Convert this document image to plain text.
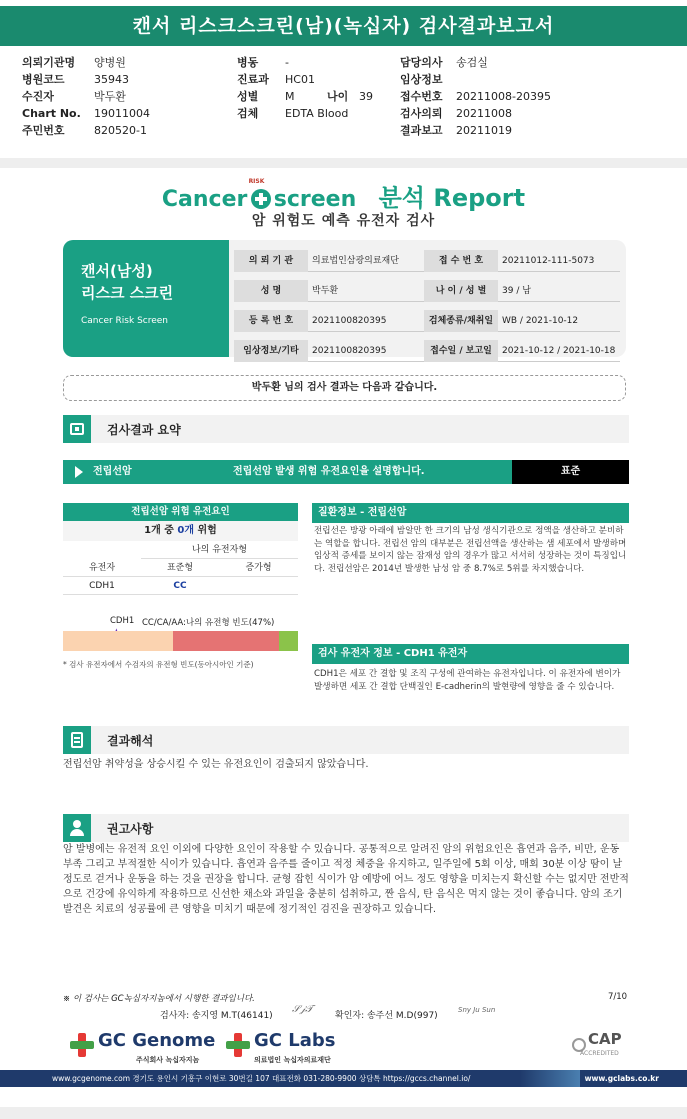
캔서 리스크스크린(남)(녹십자) 검사결과보고서
의뢰기관명 양병원
병원코드	35943
수진자	박두환
Chart No. 19011004
주민번호	820520-1
병동 -
진료과 HC01
성별 M	나이 39
검체 EDTA Blood
담당의사 송검실
임상정보
접수번호 20211008-20395
검사의뢰 20211008
결과보고 20211019
Cancer
RISK
screen 분석 Report
암 위험도 예측 유전자 검사
캔서(남성)
리스크 스크린
Cancer Risk Screen
의 뢰 기 관	의료법인삼광의료재단	접 수 번 호	20211012-111-5073
성 명	박두환	나 이 / 성 별	39 / 남
등 록 번 호	2021100820395	검체종류/채취일 WB / 2021-10-12
임상정보/기타	2021100820395	접수일 / 보고일	2021-10-12 / 2021-10-18
박두환 님의 검사 결과는 다음과 같습니다.
검사결과 요약
전립선암	전립선암 발생 위험 유전요인을 설명합니다.	표준
전립선암 위험 유전요인
1개 중 0개 위험
나의 유전자형
유전자	표준형	증가형
CDH1	CC
CDH1 CC/CA/AA:나의 유전형 빈도(47%)
* 검사 유전자에서 수검자의 유전형 빈도(동아시아인 기준)
질환정보 - 전립선암
전립선은 방광 아래에 밤알만 한 크기의 남성 생식기관으로 정액을 생산하고 분비하는 역할을 합니다. 전립선 암의 대부분은 전립선액을 생산하는 샘 세포에서 발생하며 임상적 증세를 보이지 않는 잠재성 암의 경우가 많고 서서히 성장하는 것이 특징입니다. 전립선암은 2014년 발생한 남성 암 중 8.7%로 5위를 차지했습니다.
검사 유전자 정보 - CDH1 유전자
CDH1은 세포 간 결합 및 조직 구성에 관여하는 유전자입니다. 이 유전자에 변이가 발생하면 세포 간 결합 단백질인 E-cadherin의 발현량에 영향을 줄 수 있습니다.
결과해석
전립선암 취약성을 상승시킬 수 있는 유전요인이 검출되지 않았습니다.
권고사항
암 발병에는 유전적 요인 이외에 다양한 요인이 작용할 수 있습니다. 공통적으로 알려진 암의 위험요인은 흡연과 음주, 비만, 운동 부족 그리고 부적절한 식이가 있습니다. 흡연과 음주를 줄이고 적정 체중을 유지하고, 일주일에 5회 이상, 매회 30분 이상 땀이 날 정도로 걷거나 운동을 하는 것을 권장을 합니다. 균형 잡힌 식이가 암 예방에 어느 정도 영향을 미치는지 확신할 수는 없지만 전반적으로 건강에 유익하게 작용하므로 신선한 채소와 과일을 충분히 섭취하고, 짠 음식, 탄 음식은 먹지 않는 것이 좋습니다. 암의 조기발견은 치료의 성공률에 큰 영향을 미치기 때문에 정기적인 검진을 권장하고 있습니다.
※ 이 검사는 GC녹십자지놈에서 시행한 결과입니다.	7/10
검사자: 송지영 M.T(46141)
𝒮𝒿𝒯
확인자: 송주선 M.D(997)
Sny Ju Sun
GC Genome
주식회사 녹십자지놈
GC Labs
의료법인 녹십자의료재단
CAP
ACCREDITED
www.gcgenome.com 경기도 용인시 기흥구 이현로 30번길 107 대표전화 031-280-9900 상담톡 https://gccs.channel.io/	www.gclabs.co.kr
